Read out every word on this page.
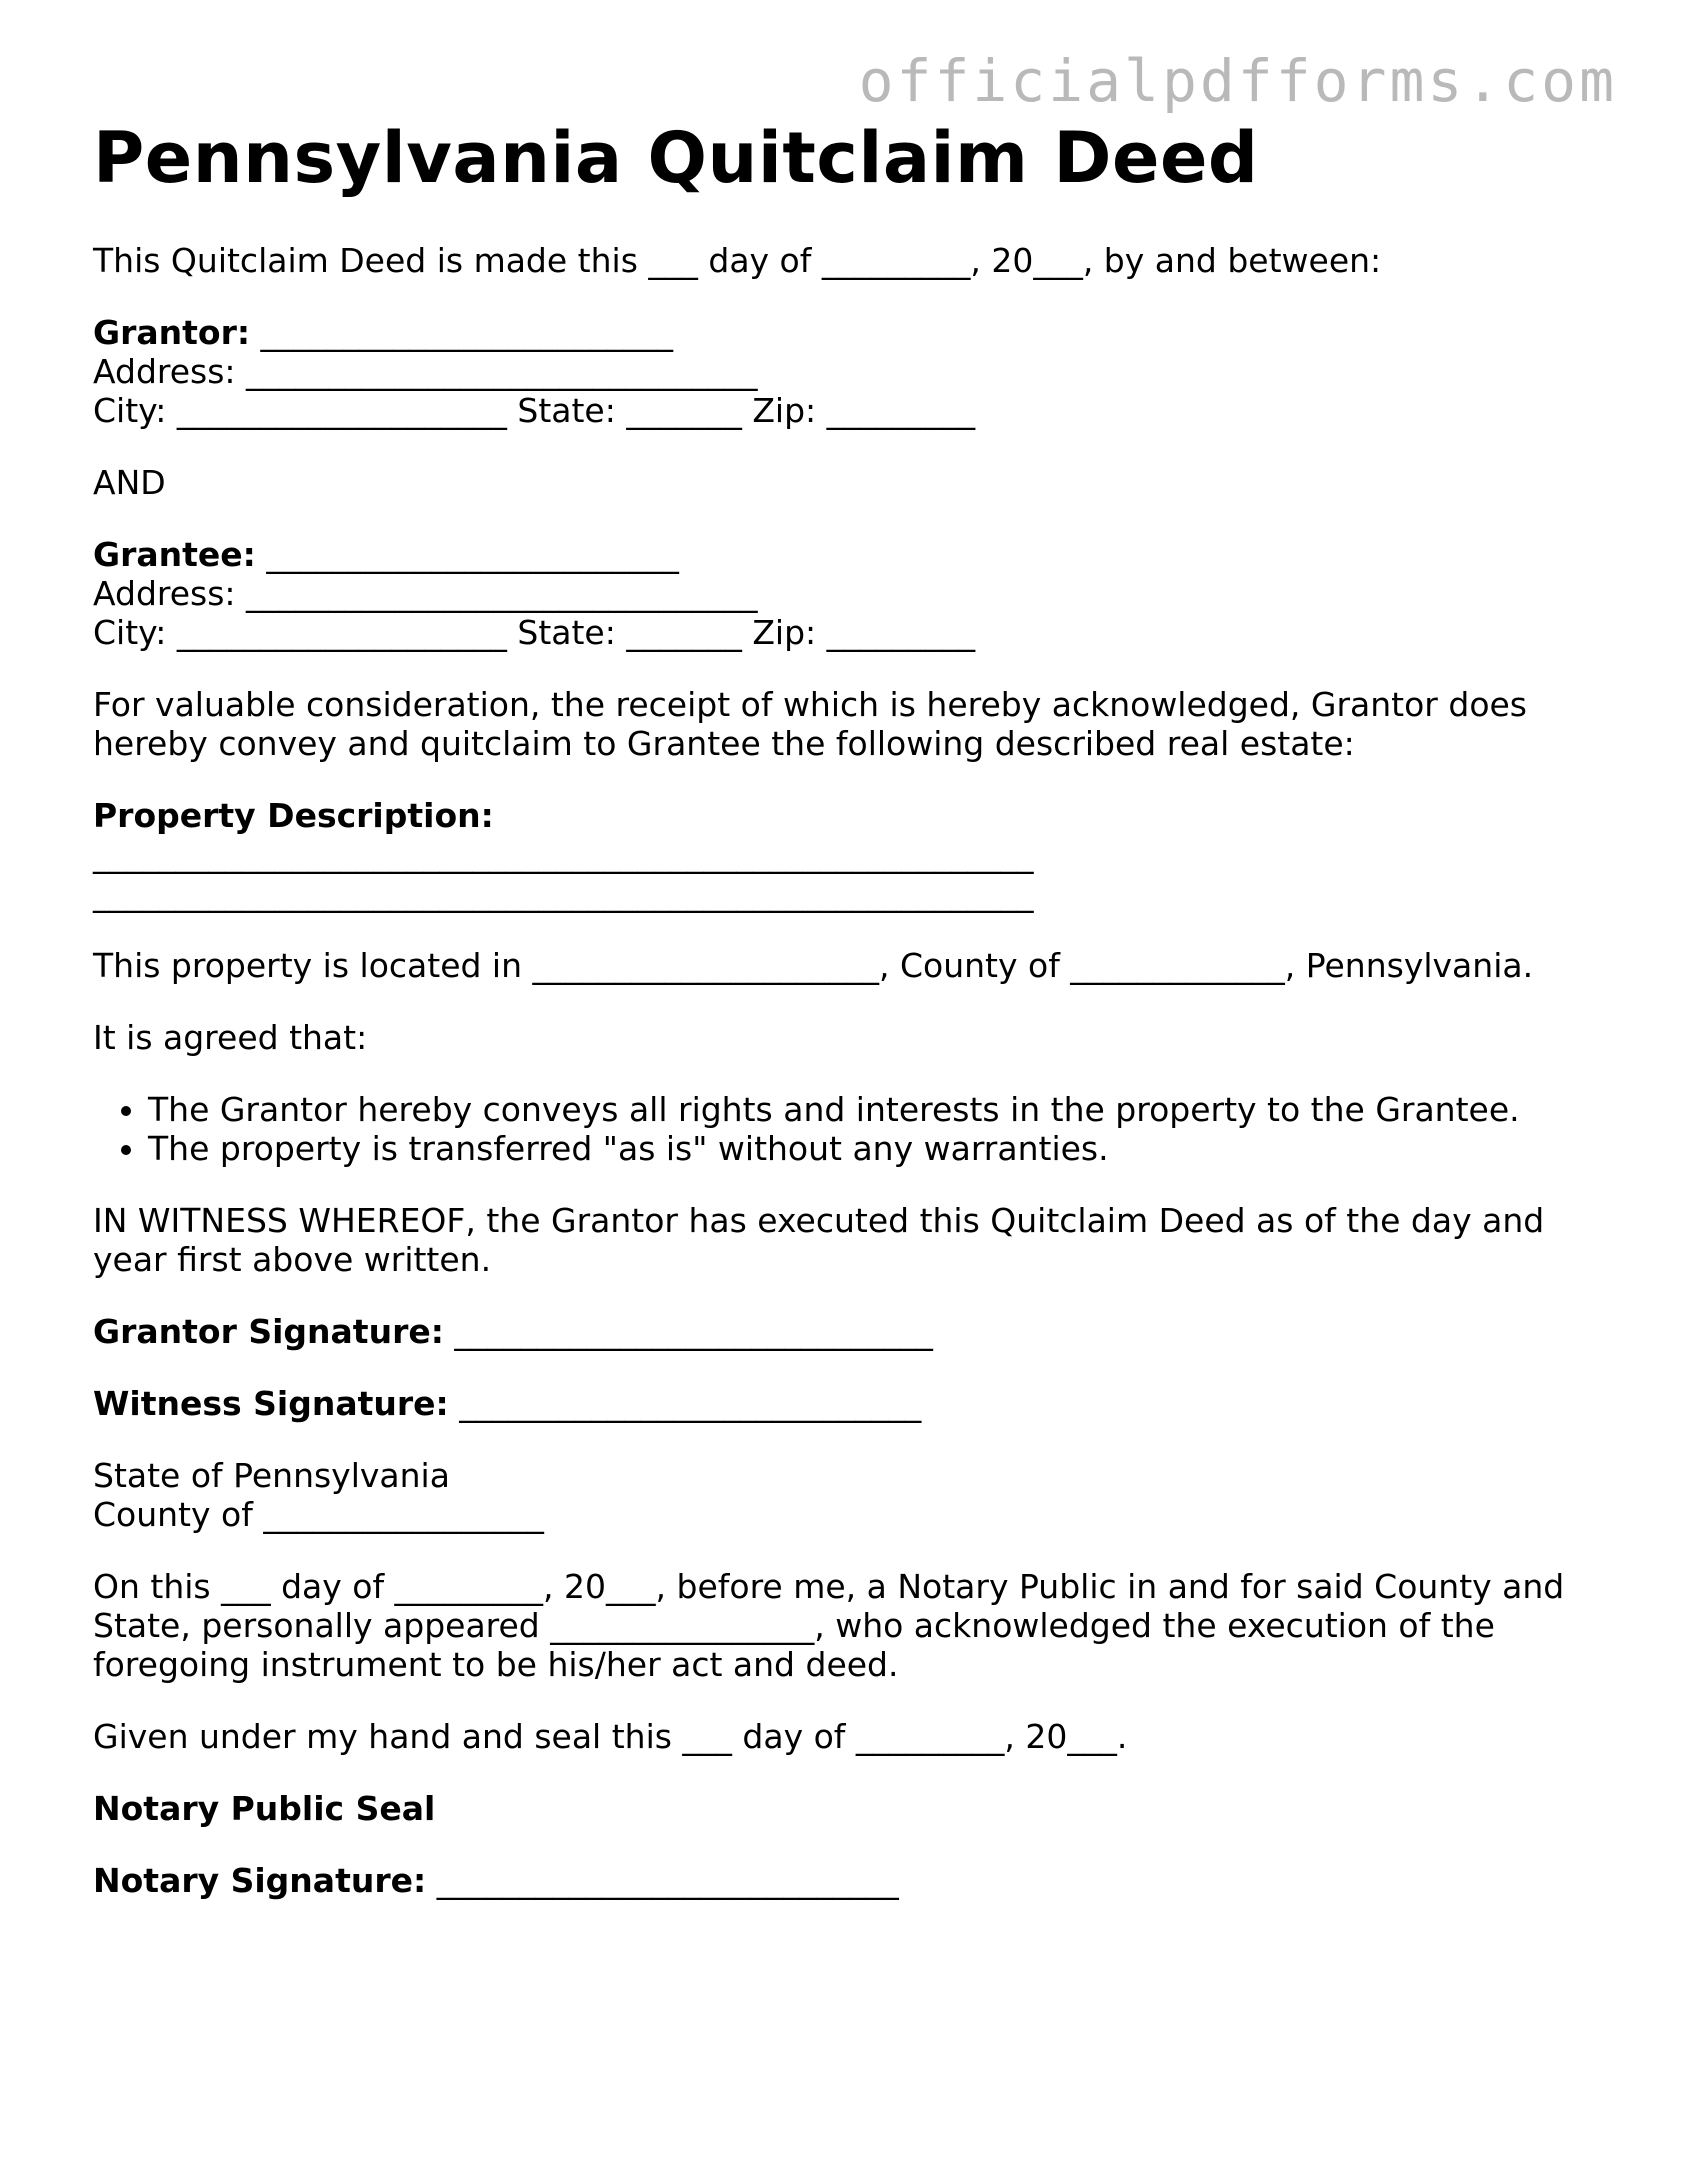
officialpdfforms.com
Pennsylvania Quitclaim Deed

This Quitclaim Deed is made this ___ day of _________, 20___, by and between:

Grantor: _________________________
Address: _______________________________
City: ____________________ State: _______ Zip: _________

AND

Grantee: _________________________
Address: _______________________________
City: ____________________ State: _______ Zip: _________

For valuable consideration, the receipt of which is hereby acknowledged, Grantor does hereby convey and quitclaim to Grantee the following described real estate:

Property Description:
_________________________________________________________
_________________________________________________________

This property is located in _____________________, County of _____________, Pennsylvania.

It is agreed that:

• The Grantor hereby conveys all rights and interests in the property to the Grantee.
• The property is transferred "as is" without any warranties.

IN WITNESS WHEREOF, the Grantor has executed this Quitclaim Deed as of the day and year first above written.

Grantor Signature: _____________________________

Witness Signature: ____________________________

State of Pennsylvania
County of _________________

On this ___ day of _________, 20___, before me, a Notary Public in and for said County and State, personally appeared ________________, who acknowledged the execution of the foregoing instrument to be his/her act and deed.

Given under my hand and seal this ___ day of _________, 20___.

Notary Public Seal

Notary Signature: ____________________________
